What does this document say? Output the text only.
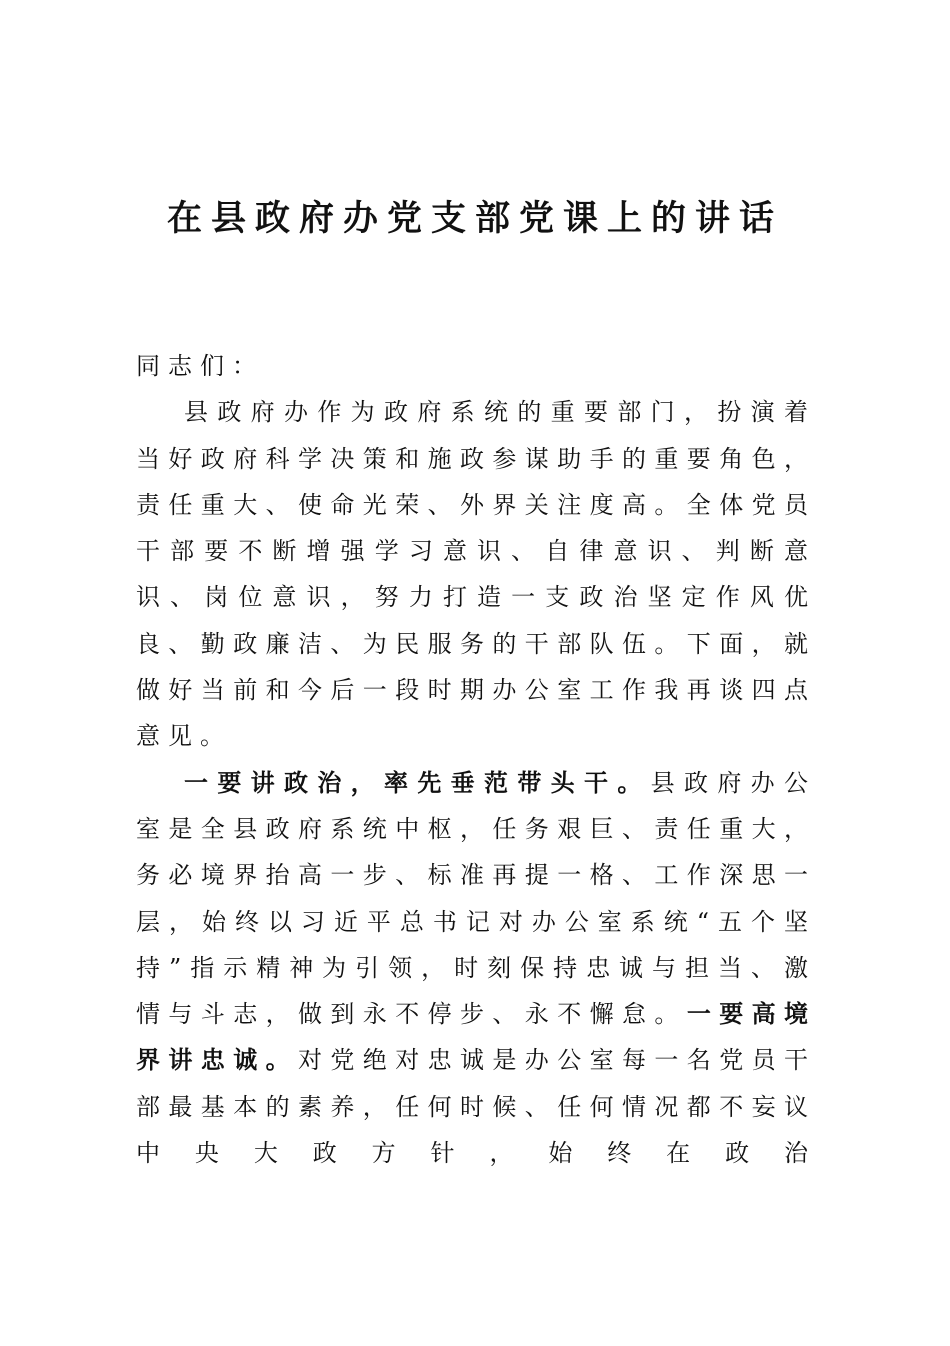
在县政府办党支部党课上的讲话

同志们：

县政府办作为政府系统的重要部门，扮演着当好政府科学决策和施政参谋助手的重要角色，责任重大、使命光荣、外界关注度高。全体党员干部要不断增强学习意识、自律意识、判断意识、岗位意识，努力打造一支政治坚定作风优良、勤政廉洁、为民服务的干部队伍。下面，就做好当前和今后一段时期办公室工作我再谈四点意见。

一要讲政治，率先垂范带头干。县政府办公室是全县政府系统中枢，任务艰巨、责任重大，务必境界抬高一步、标准再提一格、工作深思一层，始终以习近平总书记对办公室系统“五个坚持”指示精神为引领，时刻保持忠诚与担当、激情与斗志，做到永不停步、永不懈怠。一要高境界讲忠诚。对党绝对忠诚是办公室每一名党员干部最基本的素养，任何时候、任何情况都不妄议中央大政方针，始终在政治
